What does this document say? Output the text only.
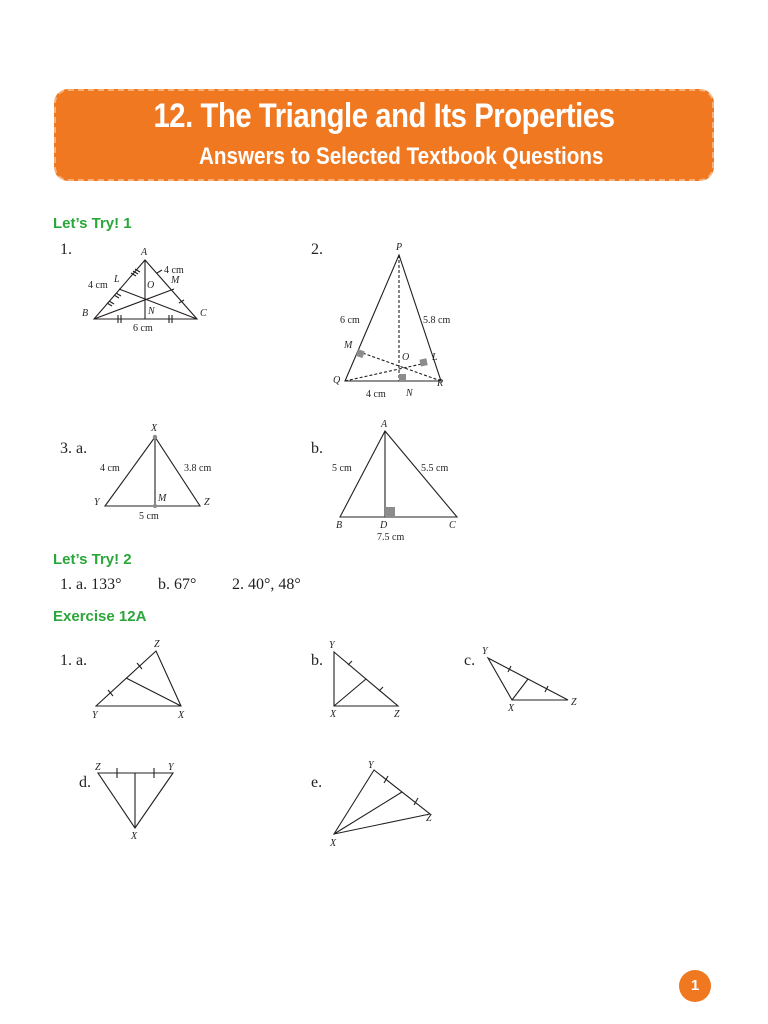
12. The Triangle and Its Properties
Answers to Selected Textbook Questions
Let’s Try! 1
1.	A
B	C
L	M
N
O
4 cm
4 cm
6 cm
2.	P
Q	R
M
L
N
O
6 cm	5.8 cm
4 cm
3. a.
X
Y	Z
M
4 cm	3.8 cm
5 cm
b.
A
B	C
D
5 cm	5.5 cm
7.5 cm
Let’s Try! 2
1. a. 133° b. 67° 2. 40°, 48°
Exercise 12A
1. a.
Z
Y	X
b.
Y
X	Z
c.
Y
X
Z
d.
Z	Y
X
e.
Y
X
Z
1
